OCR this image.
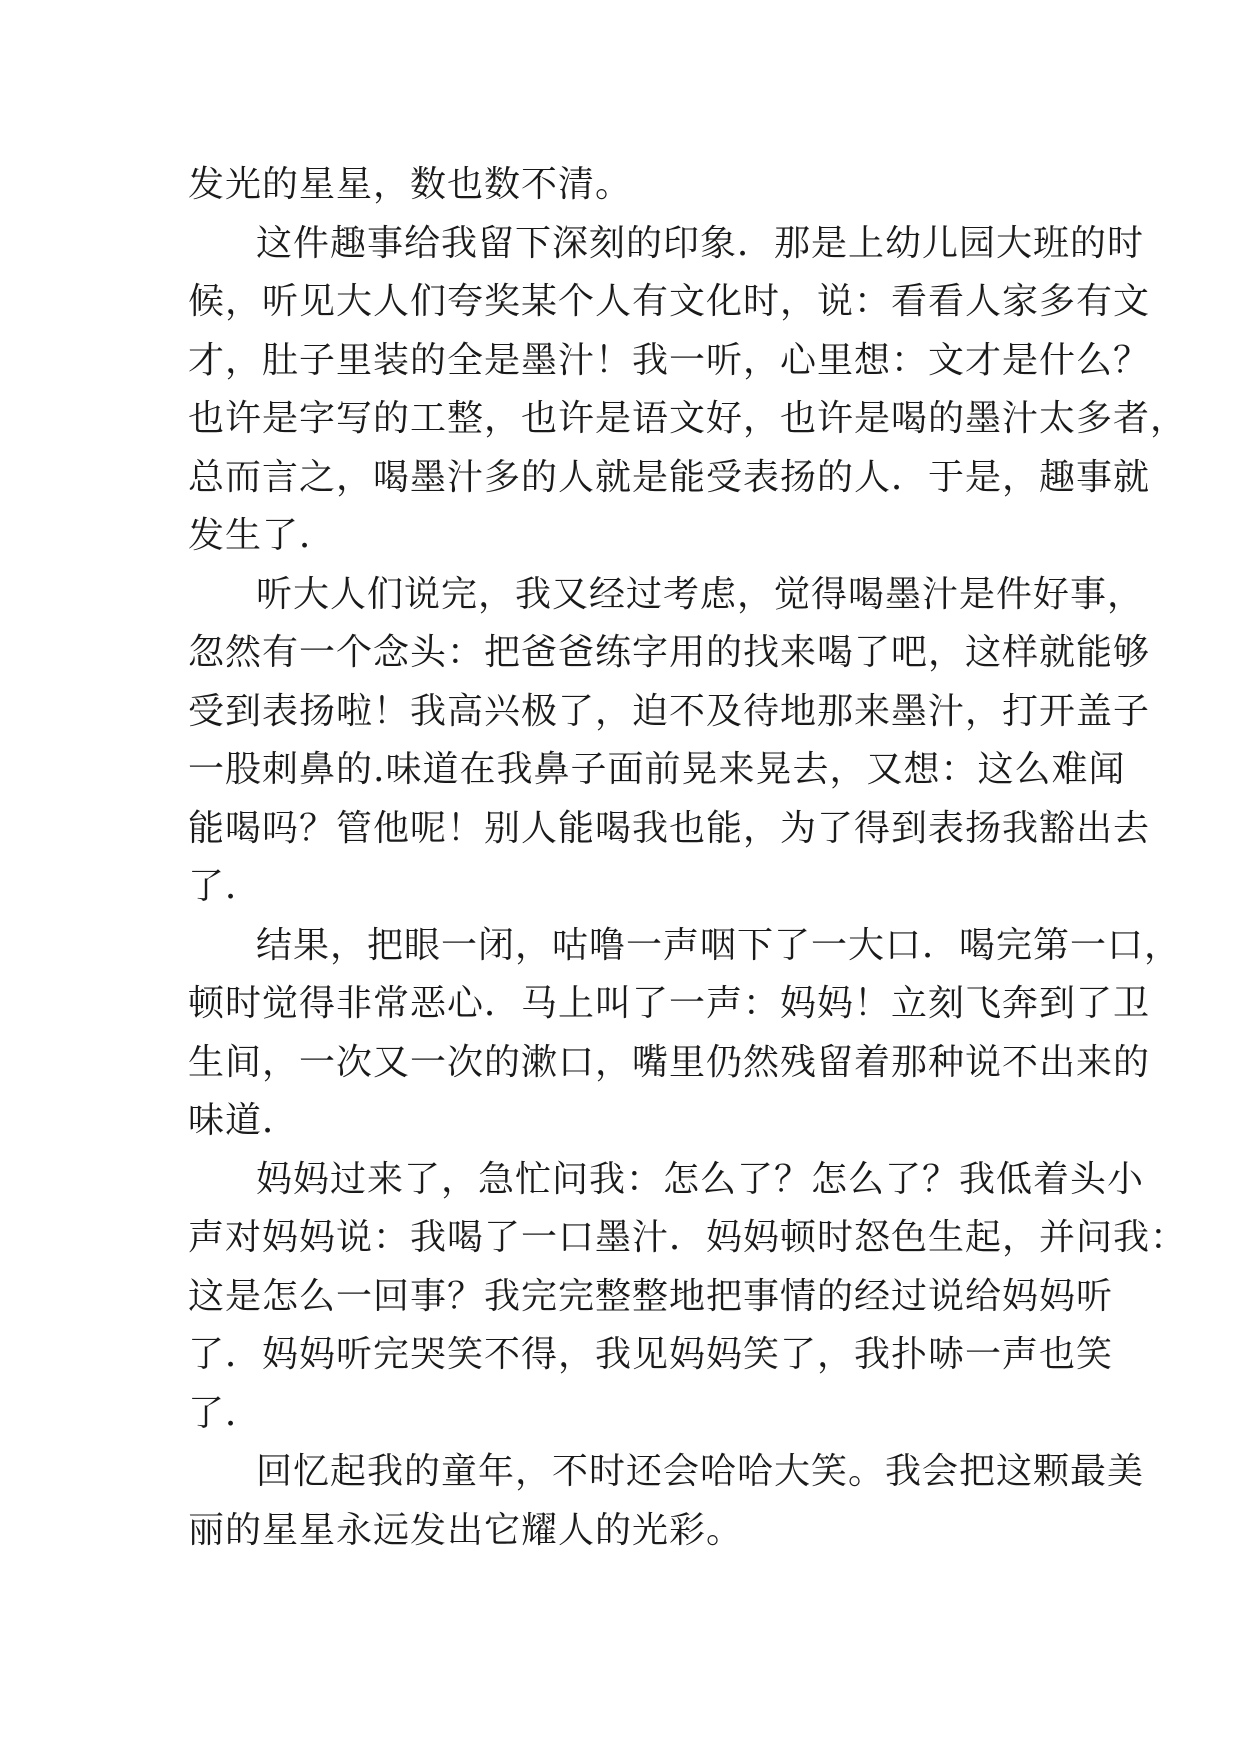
发光的星星，数也数不清。
这件趣事给我留下深刻的印象．那是上幼儿园大班的时
候，听见大人们夸奖某个人有文化时，说：看看人家多有文
才，肚子里装的全是墨汁！我一听，心里想：文才是什么？
也许是字写的工整，也许是语文好，也许是喝的墨汁太多者，
总而言之，喝墨汁多的人就是能受表扬的人．于是，趣事就
发生了．
听大人们说完，我又经过考虑，觉得喝墨汁是件好事，
忽然有一个念头：把爸爸练字用的找来喝了吧，这样就能够
受到表扬啦！我高兴极了，迫不及待地那来墨汁，打开盖子
一股刺鼻的.味道在我鼻子面前晃来晃去，又想：这么难闻
能喝吗？管他呢！别人能喝我也能，为了得到表扬我豁出去
了．
结果，把眼一闭，咕噜一声咽下了一大口．喝完第一口，
顿时觉得非常恶心．马上叫了一声：妈妈！立刻飞奔到了卫
生间，一次又一次的漱口，嘴里仍然残留着那种说不出来的
味道．
妈妈过来了，急忙问我：怎么了？怎么了？我低着头小
声对妈妈说：我喝了一口墨汁．妈妈顿时怒色生起，并问我：
这是怎么一回事？我完完整整地把事情的经过说给妈妈听
了．妈妈听完哭笑不得，我见妈妈笑了，我扑哧一声也笑
了．
回忆起我的童年，不时还会哈哈大笑。我会把这颗最美
丽的星星永远发出它耀人的光彩。
